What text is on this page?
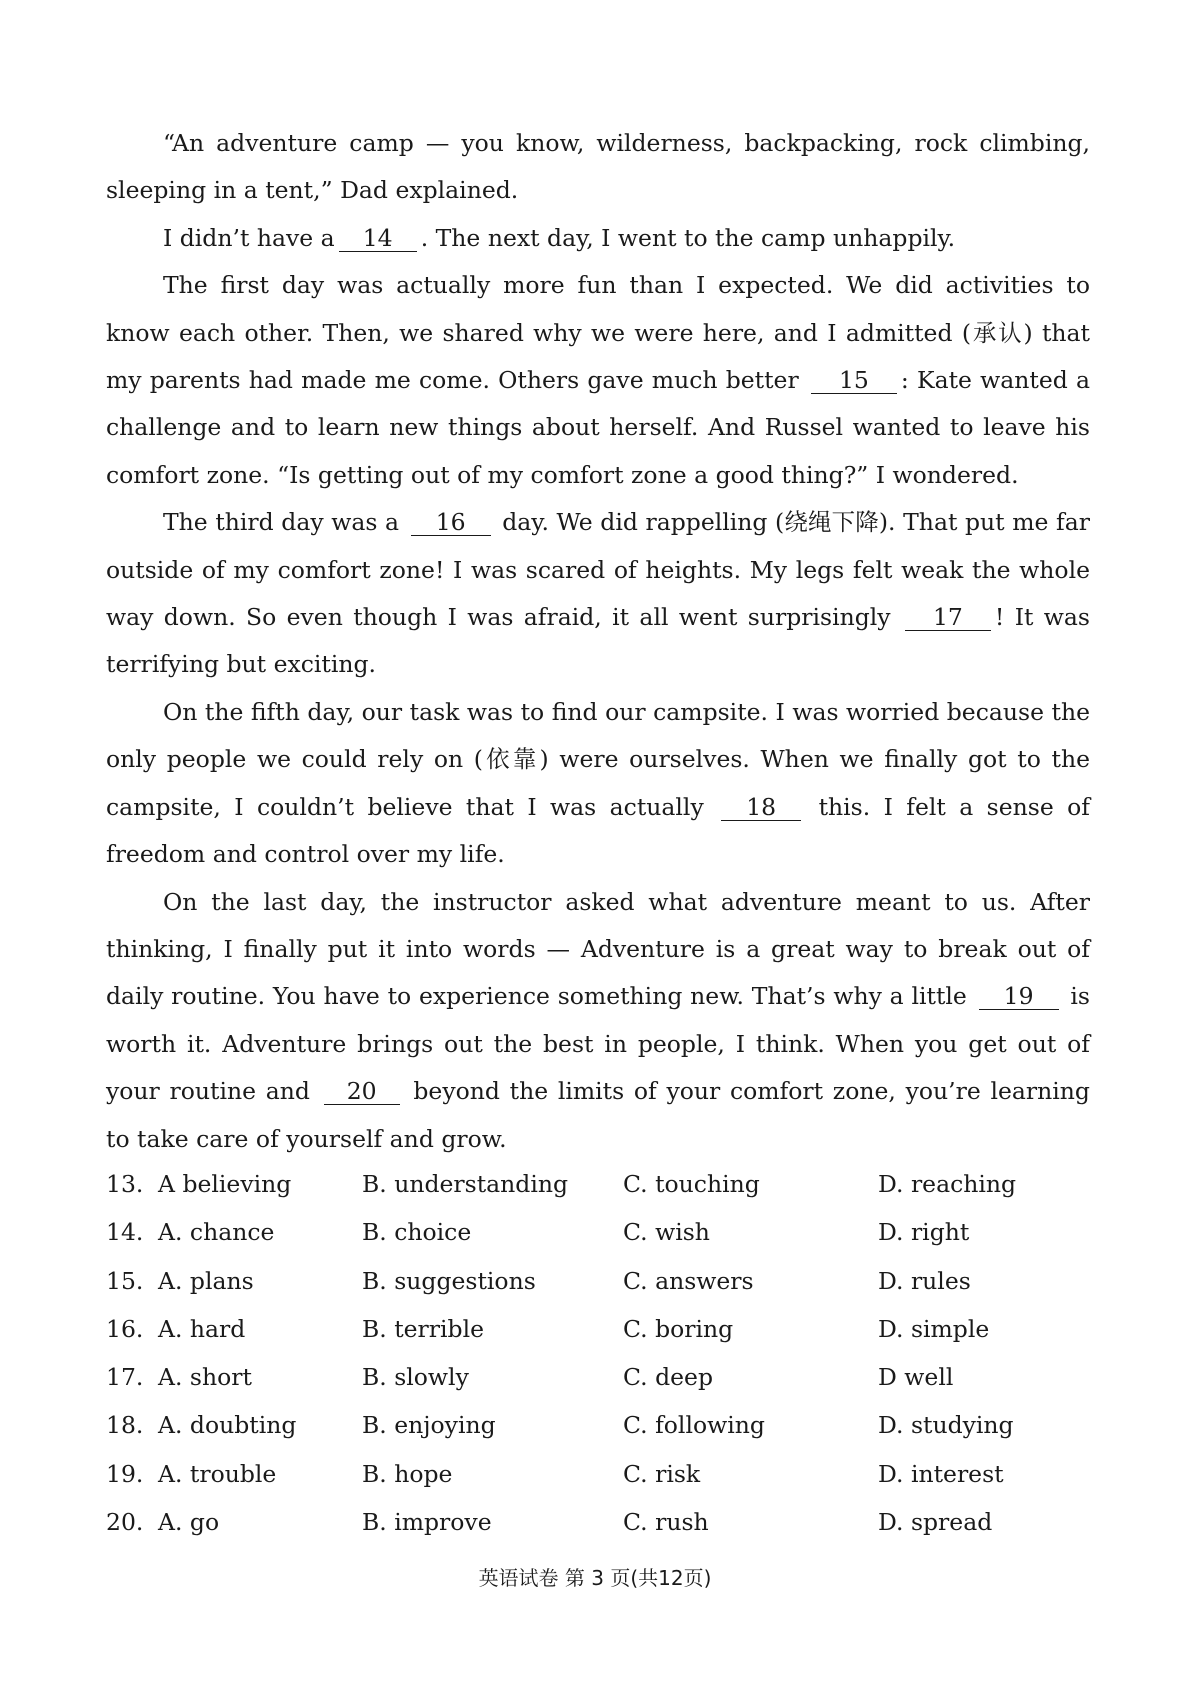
“An adventure camp — you know, wilderness, backpacking, rock climbing, sleeping in a tent,” Dad explained.

I didn’t have a 14 . The next day, I went to the camp unhappily.

The first day was actually more fun than I expected. We did activities to know each other. Then, we shared why we were here, and I admitted (承认) that my parents had made me come. Others gave much better 15 : Kate wanted a challenge and to learn new things about herself. And Russel wanted to leave his comfort zone. “Is getting out of my comfort zone a good thing?” I wondered.

The third day was a 16 day. We did rappelling (绕绳下降). That put me far outside of my comfort zone! I was scared of heights. My legs felt weak the whole way down. So even though I was afraid, it all went surprisingly 17 ! It was terrifying but exciting.

On the fifth day, our task was to find our campsite. I was worried because the only people we could rely on (依靠) were ourselves. When we finally got to the campsite, I couldn’t believe that I was actually 18 this. I felt a sense of freedom and control over my life.

On the last day, the instructor asked what adventure meant to us. After thinking, I finally put it into words — Adventure is a great way to break out of daily routine. You have to experience something new. That’s why a little 19 is worth it. Adventure brings out the best in people, I think. When you get out of your routine and 20 beyond the limits of your comfort zone, you’re learning to take care of yourself and grow.

13. A believing	B. understanding C. touching	D. reaching
14. A. chance	B. choice	C. wish	D. right
15. A. plans	B. suggestions	C. answers	D. rules
16. A. hard	B. terrible	C. boring	D. simple
17. A. short	B. slowly	C. deep	D well
18. A. doubting	B. enjoying	C. following	D. studying
19. A. trouble	B. hope	C. risk	D. interest
20. A. go	B. improve	C. rush	D. spread
英语试卷 第 3 页(共12页)
